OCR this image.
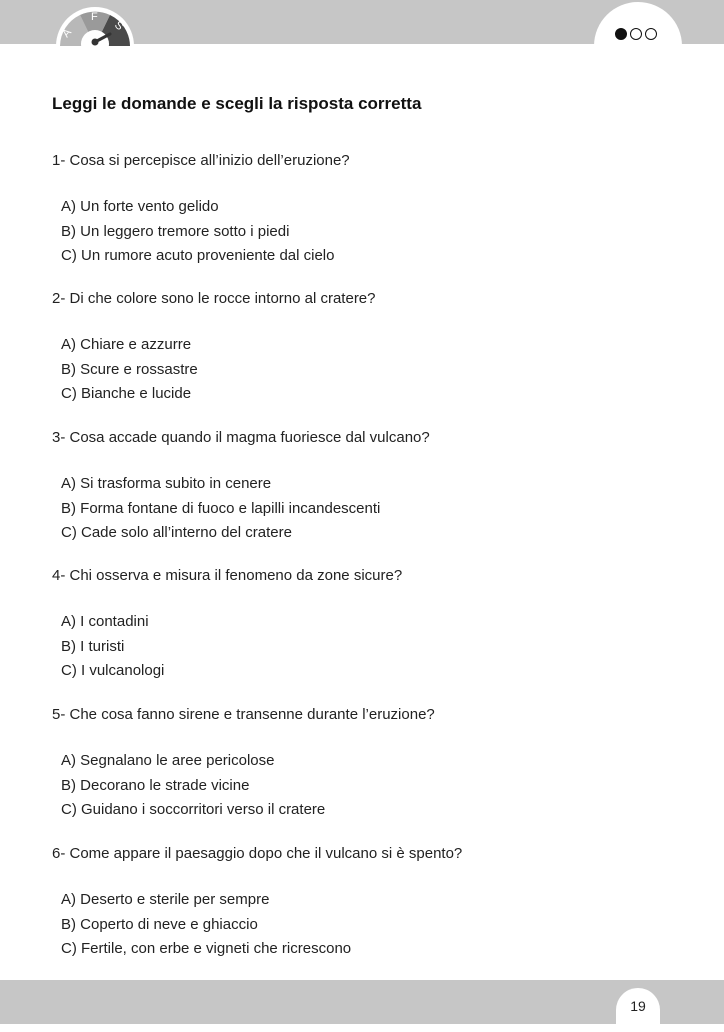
A
F
S
Leggi le domande e scegli la risposta corretta
1- Cosa si percepisce all’inizio dell’eruzione?
A) Un forte vento gelido
B) Un leggero tremore sotto i piedi
C) Un rumore acuto proveniente dal cielo
2- Di che colore sono le rocce intorno al cratere?
A) Chiare e azzurre
B) Scure e rossastre
C) Bianche e lucide
3- Cosa accade quando il magma fuoriesce dal vulcano?
A) Si trasforma subito in cenere
B) Forma fontane di fuoco e lapilli incandescenti
C) Cade solo all’interno del cratere
4- Chi osserva e misura il fenomeno da zone sicure?
A) I contadini
B) I turisti
C) I vulcanologi
5- Che cosa fanno sirene e transenne durante l’eruzione?
A) Segnalano le aree pericolose
B) Decorano le strade vicine
C) Guidano i soccorritori verso il cratere
6- Come appare il paesaggio dopo che il vulcano si è spento?
A) Deserto e sterile per sempre
B) Coperto di neve e ghiaccio
C) Fertile, con erbe e vigneti che ricrescono
19
